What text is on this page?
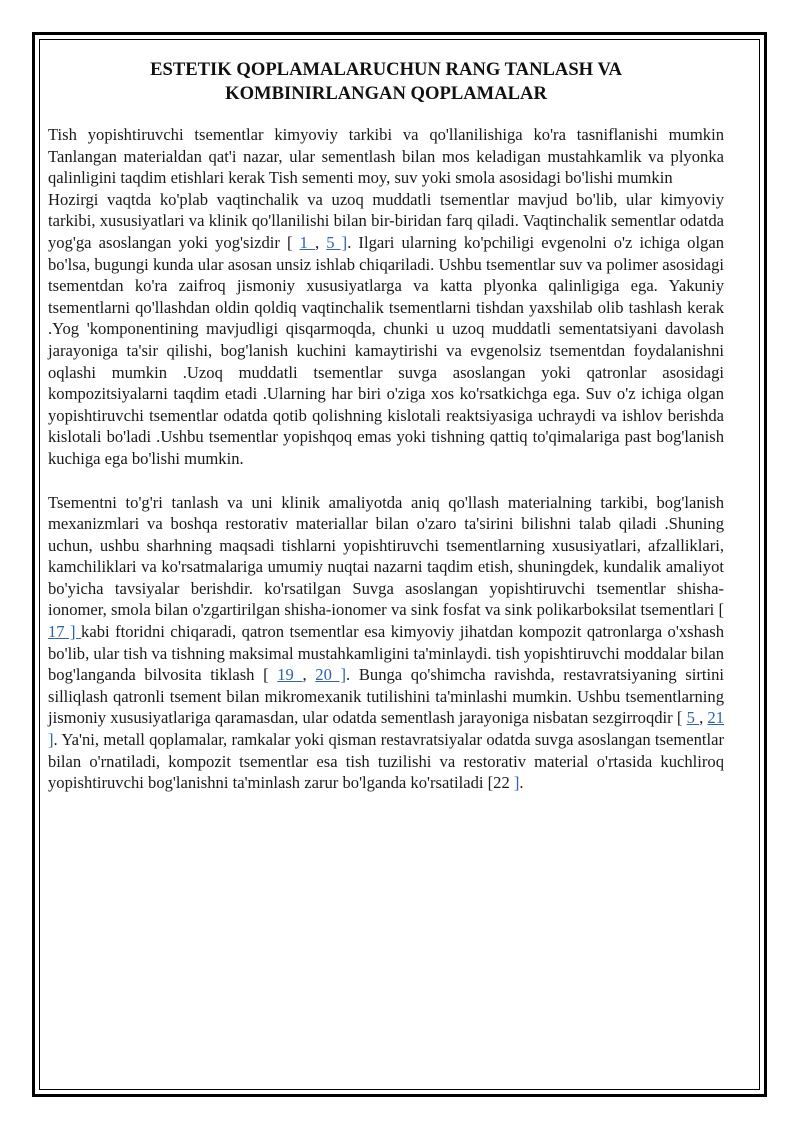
ESTETIK QOPLAMALARUCHUN RANG TANLASH VA KOMBINIRLANGAN QOPLAMALAR

Tish yopishtiruvchi tsementlar kimyoviy tarkibi va qo'llanilishiga ko'ra tasniflanishi mumkin Tanlangan materialdan qat'i nazar, ular sementlash bilan mos keladigan mustahkamlik va plyonka qalinligini taqdim etishlari kerak Tish sementi moy, suv yoki smola asosidagi bo'lishi mumkin

Hozirgi vaqtda ko'plab vaqtinchalik va uzoq muddatli tsementlar mavjud bo'lib, ular kimyoviy tarkibi, xususiyatlari va klinik qo'llanilishi bilan bir-biridan farq qiladi. Vaqtinchalik sementlar odatda yog'ga asoslangan yoki yog'sizdir [ 1 , 5 ]. Ilgari ularning ko'pchiligi evgenolni o'z ichiga olgan bo'lsa, bugungi kunda ular asosan unsiz ishlab chiqariladi. Ushbu tsementlar suv va polimer asosidagi tsementdan ko'ra zaifroq jismoniy xususiyatlarga va katta plyonka qalinligiga ega. Yakuniy tsementlarni qo'llashdan oldin qoldiq vaqtinchalik tsementlarni tishdan yaxshilab olib tashlash kerak .Yog 'komponentining mavjudligi qisqarmoqda, chunki u uzoq muddatli sementatsiyani davolash jarayoniga ta'sir qilishi, bog'lanish kuchini kamaytirishi va evgenolsiz tsementdan foydalanishni oqlashi mumkin .Uzoq muddatli tsementlar suvga asoslangan yoki qatronlar asosidagi kompozitsiyalarni taqdim etadi .Ularning har biri o'ziga xos ko'rsatkichga ega. Suv o'z ichiga olgan yopishtiruvchi tsementlar odatda qotib qolishning kislotali reaktsiyasiga uchraydi va ishlov berishda kislotali bo'ladi .Ushbu tsementlar yopishqoq emas yoki tishning qattiq to'qimalariga past bog'lanish kuchiga ega bo'lishi mumkin.

Tsementni to'g'ri tanlash va uni klinik amaliyotda aniq qo'llash materialning tarkibi, bog'lanish mexanizmlari va boshqa restorativ materiallar bilan o'zaro ta'sirini bilishni talab qiladi .Shuning uchun, ushbu sharhning maqsadi tishlarni yopishtiruvchi tsementlarning xususiyatlari, afzalliklari, kamchiliklari va ko'rsatmalariga umumiy nuqtai nazarni taqdim etish, shuningdek, kundalik amaliyot bo'yicha tavsiyalar berishdir. ko'rsatilgan Suvga asoslangan yopishtiruvchi tsementlar shisha-ionomer, smola bilan o'zgartirilgan shisha-ionomer va sink fosfat va sink polikarboksilat tsementlari [ 17 ] kabi ftoridni chiqaradi, qatron tsementlar esa kimyoviy jihatdan kompozit qatronlarga o'xshash bo'lib, ular tish va tishning maksimal mustahkamligini ta'minlaydi. tish yopishtiruvchi moddalar bilan bog'langanda bilvosita tiklash [ 19 , 20 ]. Bunga qo'shimcha ravishda, restavratsiyaning sirtini silliqlash qatronli tsement bilan mikromexanik tutilishini ta'minlashi mumkin. Ushbu tsementlarning jismoniy xususiyatlariga qaramasdan, ular odatda sementlash jarayoniga nisbatan sezgirroqdir [ 5 , 21 ]. Ya'ni, metall qoplamalar, ramkalar yoki qisman restavratsiyalar odatda suvga asoslangan tsementlar bilan o'rnatiladi, kompozit tsementlar esa tish tuzilishi va restorativ material o'rtasida kuchliroq yopishtiruvchi bog'lanishni ta'minlash zarur bo'lganda ko'rsatiladi [22 ].
